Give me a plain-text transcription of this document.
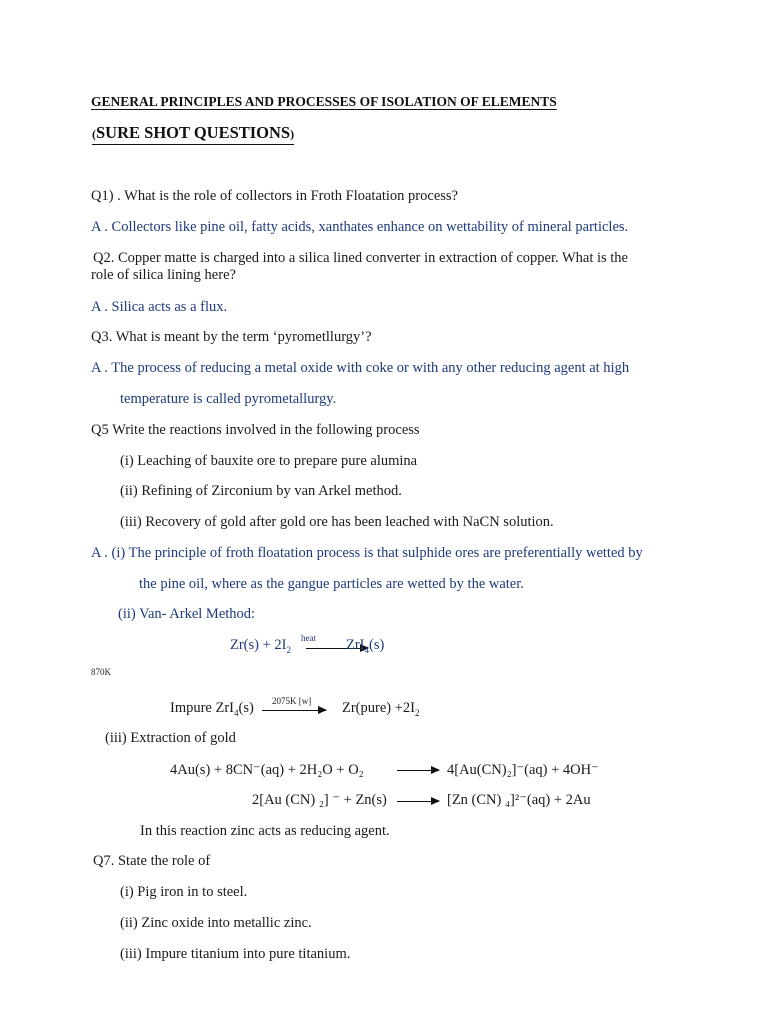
GENERAL PRINCIPLES AND PROCESSES OF ISOLATION OF ELEMENTS
(SURE SHOT QUESTIONS)
Q1) . What is the role of collectors in Froth Floatation process?
A . Collectors like pine oil, fatty acids, xanthates enhance on wettability of mineral particles.
Q2. Copper matte is charged into a silica lined converter in extraction of copper. What is the
role of silica lining here?
A . Silica acts as a flux.
Q3. What is meant by the term ‘pyrometllurgy’?
A . The process of reducing a metal oxide with coke or with any other reducing agent at high
temperature is called pyrometallurgy.
Q5 Write the reactions involved in the following process
(i) Leaching of bauxite ore to prepare pure alumina
(ii) Refining of Zirconium by van Arkel method.
(iii) Recovery of gold after gold ore has been leached with NaCN solution.
A . (i) The principle of froth floatation process is that sulphide ores are preferentially wetted by
the pine oil, where as the gangue particles are wetted by the water.
(ii) Van- Arkel Method:
$Zr(s) + 2I_2$
heat ZrI$_4$(s)
870K
Impure ZrI$_4$(s) 2075K [w] Zr(pure) $+2I_2$
(iii) Extraction of gold
4Au(s) + 8CN⁻(aq) + 2H₂O + O₂	4[Au(CN)₂]⁻(aq) + 4OH⁻
2[Au (CN) ₂] ⁻ + Zn(s)	[Zn (CN) ₄]²⁻(aq) + 2Au
In this reaction zinc acts as reducing agent.
Q7. State the role of
(i) Pig iron in to steel.
(ii) Zinc oxide into metallic zinc.
(iii) Impure titanium into pure titanium.
